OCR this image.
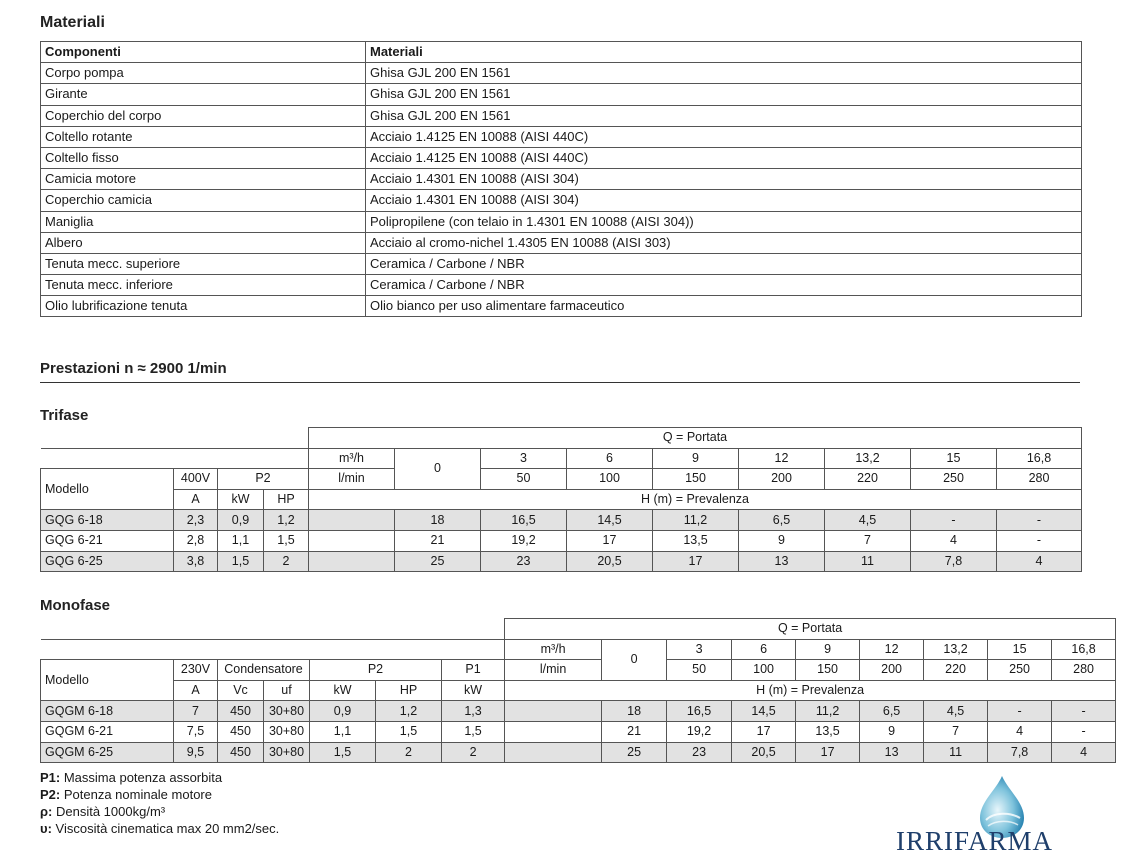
Materiali
Componenti	Materiali
Corpo pompa	Ghisa GJL 200 EN 1561
Girante	Ghisa GJL 200 EN 1561
Coperchio del corpo	Ghisa GJL 200 EN 1561
Coltello rotante	Acciaio 1.4125 EN 10088 (AISI 440C)
Coltello fisso	Acciaio 1.4125 EN 10088 (AISI 440C)
Camicia motore	Acciaio 1.4301 EN 10088 (AISI 304)
Coperchio camicia	Acciaio 1.4301 EN 10088 (AISI 304)
Maniglia	Polipropilene (con telaio in 1.4301 EN 10088 (AISI 304))
Albero	Acciaio al cromo-nichel 1.4305 EN 10088 (AISI 303)
Tenuta mecc. superiore	Ceramica / Carbone / NBR
Tenuta mecc. inferiore	Ceramica / Carbone / NBR
Olio lubrificazione tenuta	Olio bianco per uso alimentare farmaceutico
Prestazioni n ≈ 2900 1/min
Trifase
				Q = Portata								
				m³/h	0	3	6	9	12	13,2	15	16,8
Modello	400V	P2		l/min		50	100	150	200	220	250	280
	A	kW	HP	H (m) = Prevalenza								
GQG 6-18	2,3	0,9	1,2		18	16,5	14,5	11,2	6,5	4,5	-	-
GQG 6-21	2,8	1,1	1,5		21	19,2	17	13,5	9	7	4	-
GQG 6-25	3,8	1,5	2		25	23	20,5	17	13	11	7,8	4
Monofase
							Q = Portata								
							m³/h	0	3	6	9	12	13,2	15	16,8
Modello	230V	Condensatore		P2		P1	l/min		50	100	150	200	220	250	280
	A	Vc	uf	kW	HP	kW	H (m) = Prevalenza								
GQGM 6-18	7	450	30+80	0,9	1,2	1,3		18	16,5	14,5	11,2	6,5	4,5	-	-
GQGM 6-21	7,5	450	30+80	1,1	1,5	1,5		21	19,2	17	13,5	9	7	4	-
GQGM 6-25	9,5	450	30+80	1,5	2	2		25	23	20,5	17	13	11	7,8	4
P1: Massima potenza assorbita
P2: Potenza nominale motore
ρ: Densità 1000kg/m³
υ: Viscosità cinematica max 20 mm2/sec.	IRRIFARMA
